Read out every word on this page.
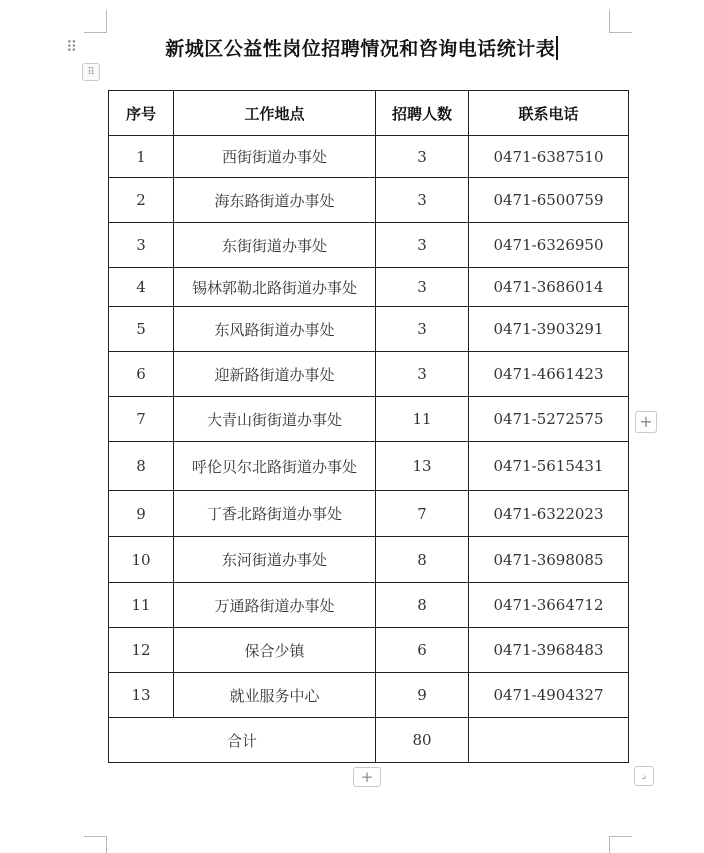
⠿
⠿
新城区公益性岗位招聘情况和咨询电话统计表
序号	工作地点	招聘人数	联系电话
1	西街街道办事处	3	0471-6387510
2	海东路街道办事处	3	0471-6500759
3	东街街道办事处	3	0471-6326950
4	锡林郭勒北路街道办事处	3	0471-3686014
5	东风路街道办事处	3	0471-3903291
6	迎新路街道办事处	3	0471-4661423
7	大青山街街道办事处	11	0471-5272575
8	呼伦贝尔北路街道办事处	13	0471-5615431
9	丁香北路街道办事处	7	0471-6322023
10	东河街道办事处	8	0471-3698085
11	万通路街道办事处	8	0471-3664712
12	保合少镇	6	0471-3968483
13	就业服务中心	9	0471-4904327
合计		80	
+
+	⌟
